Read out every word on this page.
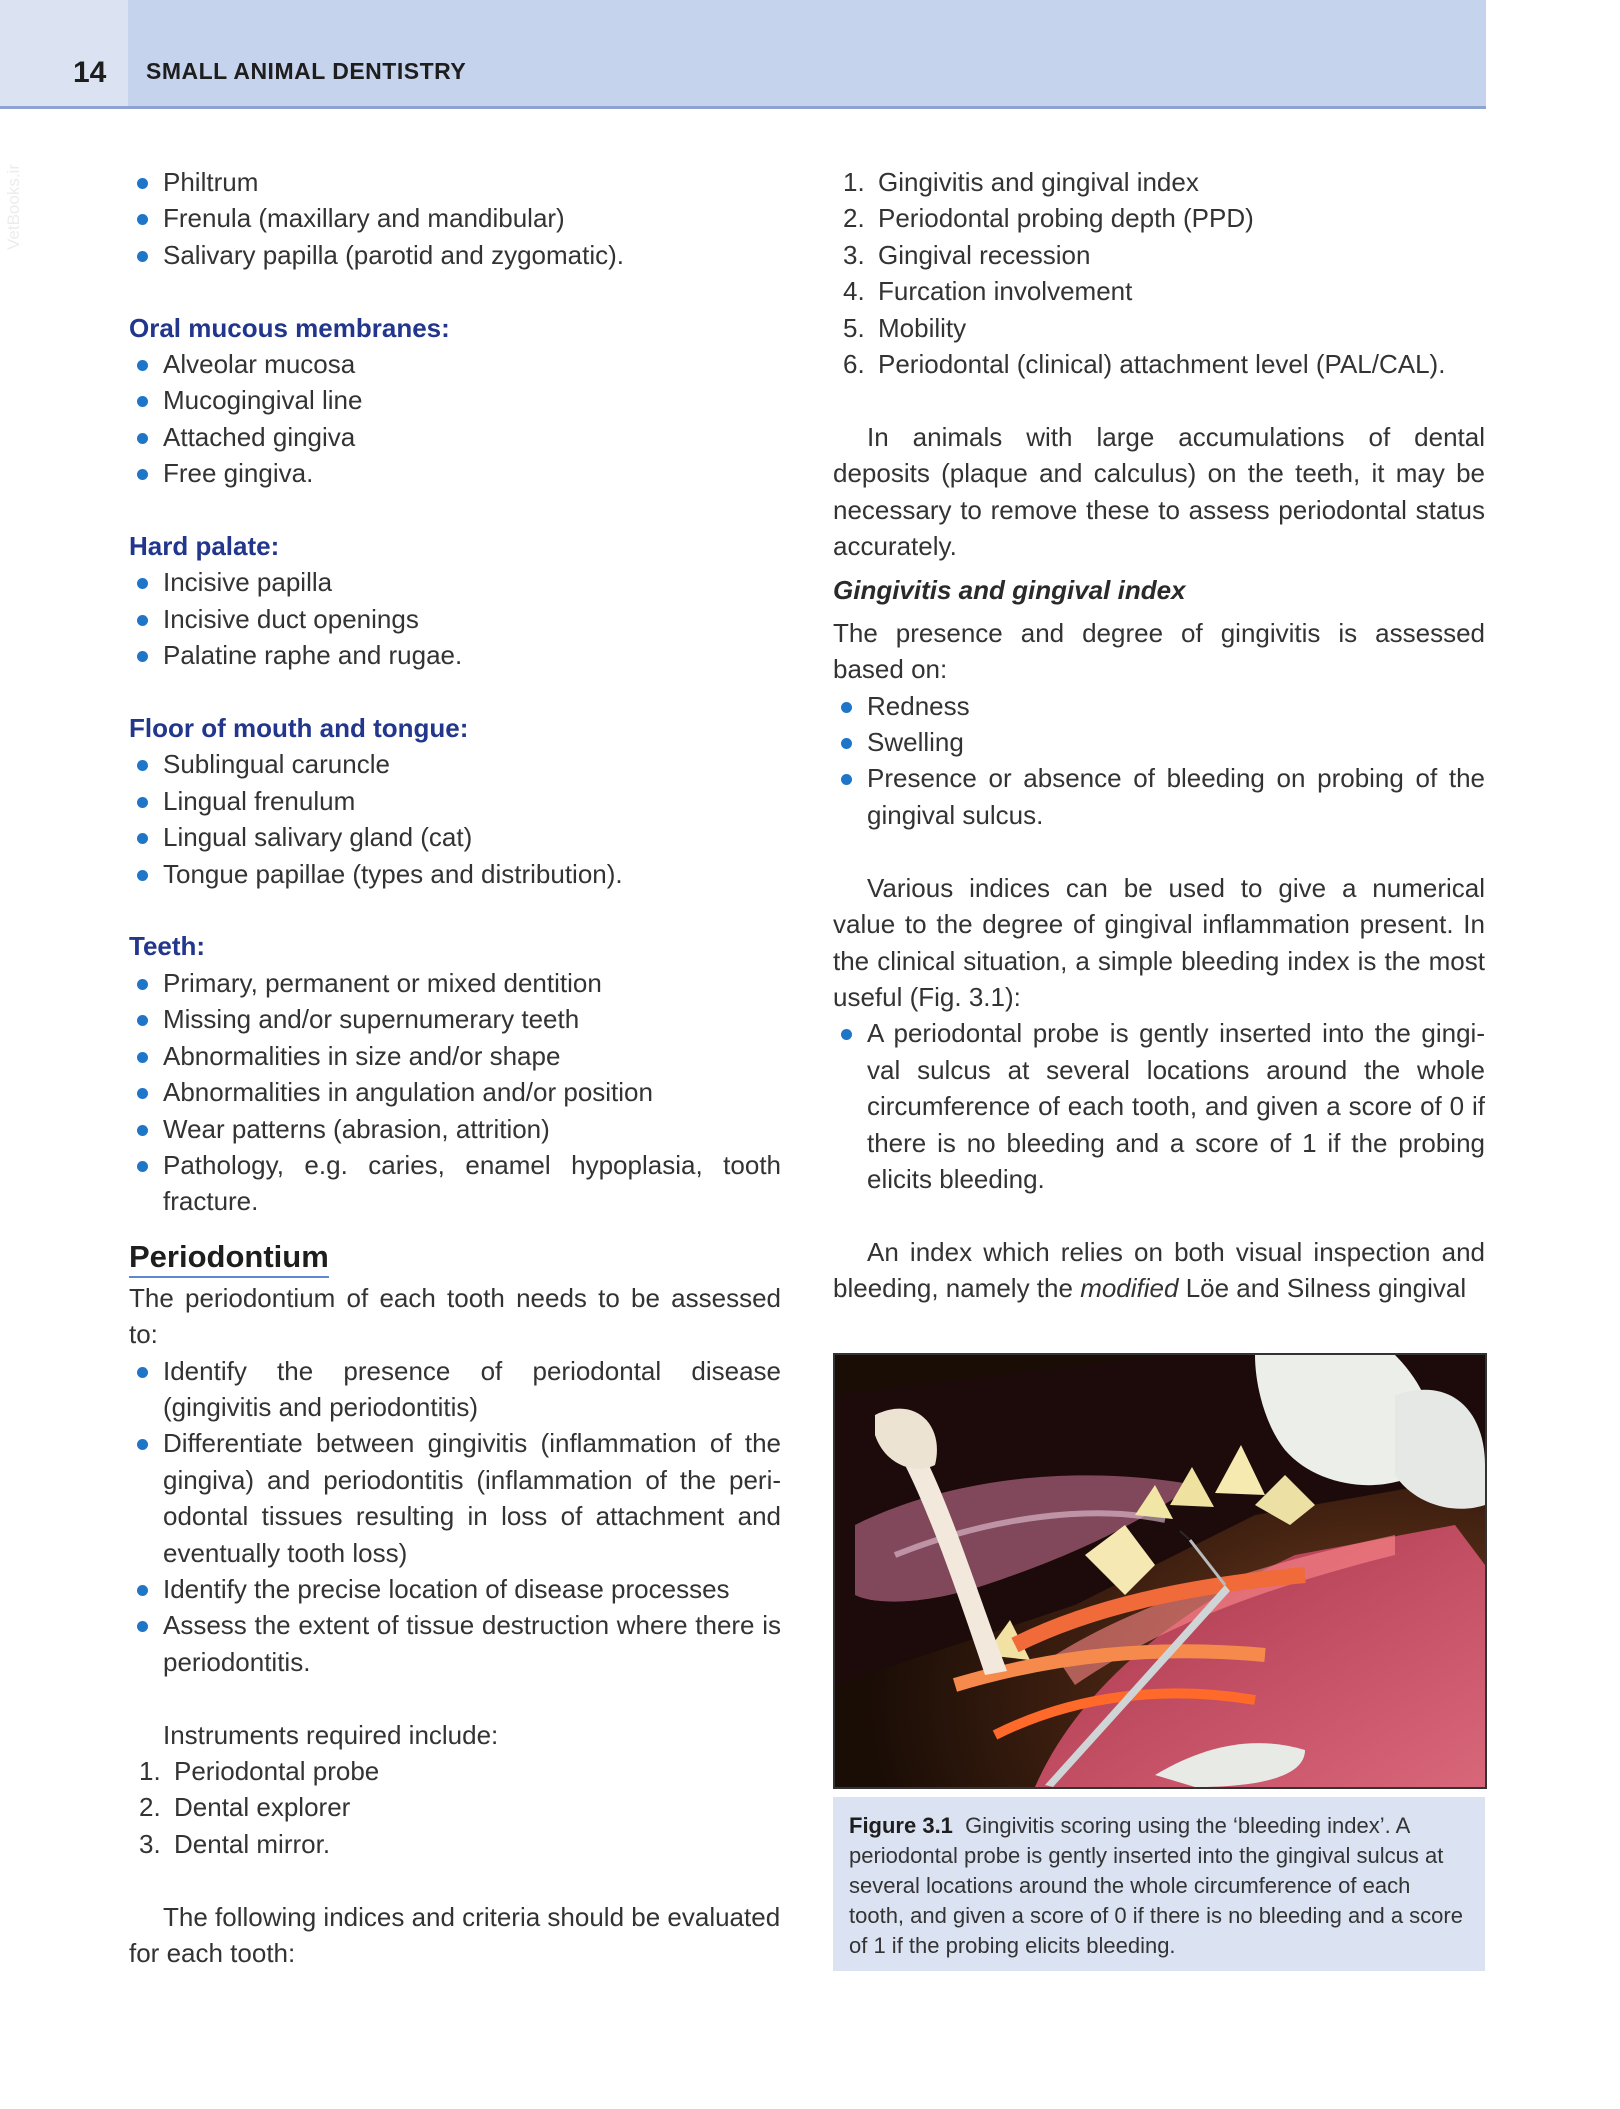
14 SMALL ANIMAL DENTISTRY
VetBooks.ir	Philtrum
Frenula (maxillary and mandibular)
Salivary papilla (parotid and zygomatic).
Oral mucous membranes:
Alveolar mucosa
Mucogingival line
Attached gingiva
Free gingiva.
Hard palate:
Incisive papilla
Incisive duct openings
Palatine raphe and rugae.
Floor of mouth and tongue:
Sublingual caruncle
Lingual frenulum
Lingual salivary gland (cat)
Tongue papillae (types and distribution).
Teeth:
Primary, permanent or mixed dentition
Missing and/or supernumerary teeth
Abnormalities in size and/or shape
Abnormalities in angulation and/or position
Wear patterns (abrasion, attrition)
Pathology, e.g. caries, enamel hypoplasia, tooth fracture.
Periodontium
The periodontium of each tooth needs to be assessed to:
Identify the presence of periodontal disease (gingivitis and periodontitis)
Differentiate between gingivitis (inflammation of the gingiva) and periodontitis (inflammation of the peri-odontal tissues resulting in loss of attachment and eventually tooth loss)
Identify the precise location of disease processes
Assess the extent of tissue destruction where there is periodontitis.
Instruments required include:
1. Periodontal probe
2. Dental explorer
3. Dental mirror.
The following indices and criteria should be evaluated for each tooth:
1. Gingivitis and gingival index
2. Periodontal probing depth (PPD)
3. Gingival recession
4. Furcation involvement
5. Mobility
6. Periodontal (clinical) attachment level (PAL/CAL).
In animals with large accumulations of dental deposits (plaque and calculus) on the teeth, it may be necessary to remove these to assess periodontal status accurately.
Gingivitis and gingival index
The presence and degree of gingivitis is assessed based on:
Redness
Swelling
Presence or absence of bleeding on probing of the gingival sulcus.
Various indices can be used to give a numerical value to the degree of gingival inflammation present. In the clinical situation, a simple bleeding index is the most useful (Fig. 3.1):
A periodontal probe is gently inserted into the gingi-val sulcus at several locations around the whole circumference of each tooth, and given a score of 0 if there is no bleeding and a score of 1 if the probing elicits bleeding.
An index which relies on both visual inspection and bleeding, namely the modified Löe and Silness gingival
Figure 3.1 Gingivitis scoring using the ‘bleeding index’. A periodontal probe is gently inserted into the gingival sulcus at several locations around the whole circumference of each tooth, and given a score of 0 if there is no bleeding and a score of 1 if the probing elicits bleeding.
